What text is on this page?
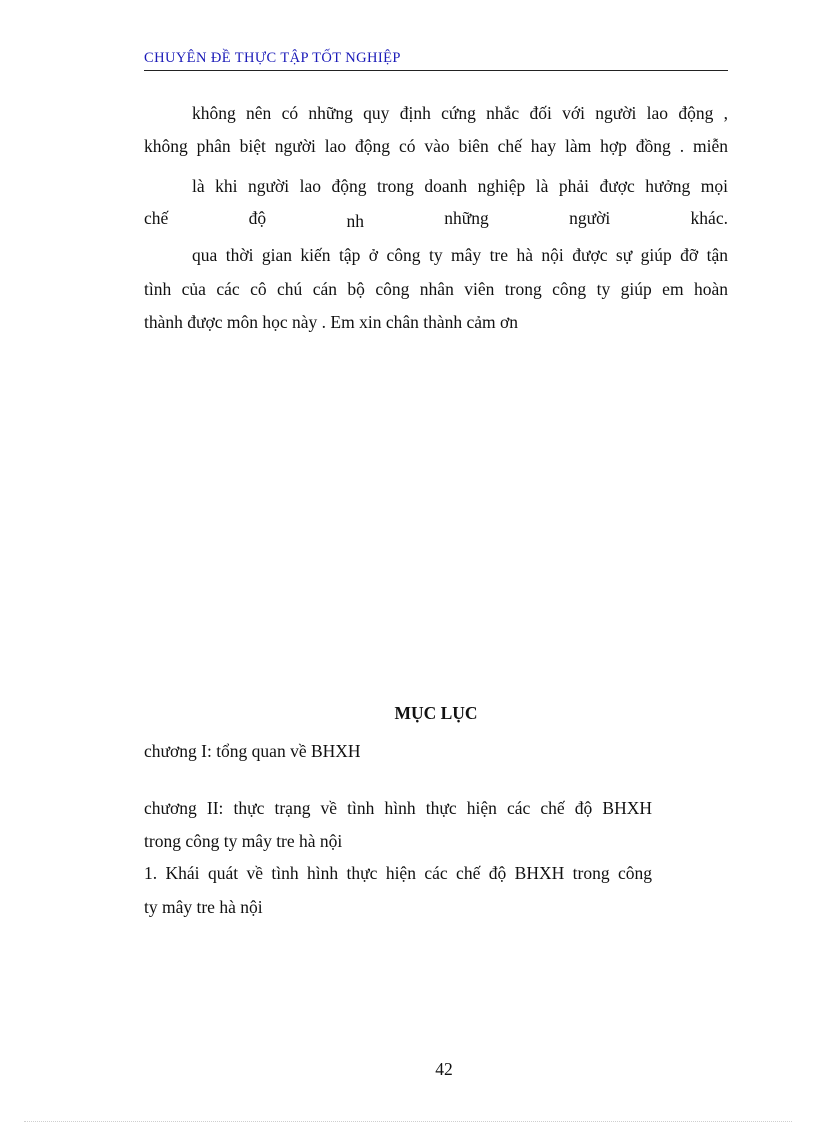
CHUYÊN ĐỀ THỰC TẬP TỐT NGHIỆP
không nên có những quy định cứng nhắc đối với người lao động ,
không phân biệt người lao động có vào biên chế hay làm hợp đồng . miễn
là khi người lao động trong doanh nghiệp là phải được hưởng mọi
chế	độ	nh	những	người	khác.
qua thời gian kiến tập ở công ty mây tre hà nội được sự giúp đỡ tận
tình của các cô chú cán bộ công nhân viên trong công ty giúp em hoàn
thành được môn học này . Em xin chân thành cảm ơn
MỤC LỤC
chương I: tổng quan về BHXH
chương II: thực trạng về tình hình thực hiện các chế độ BHXH
trong công ty mây tre hà nội
1. Khái quát về tình hình thực hiện các chế độ BHXH trong công
ty mây tre hà nội
42
